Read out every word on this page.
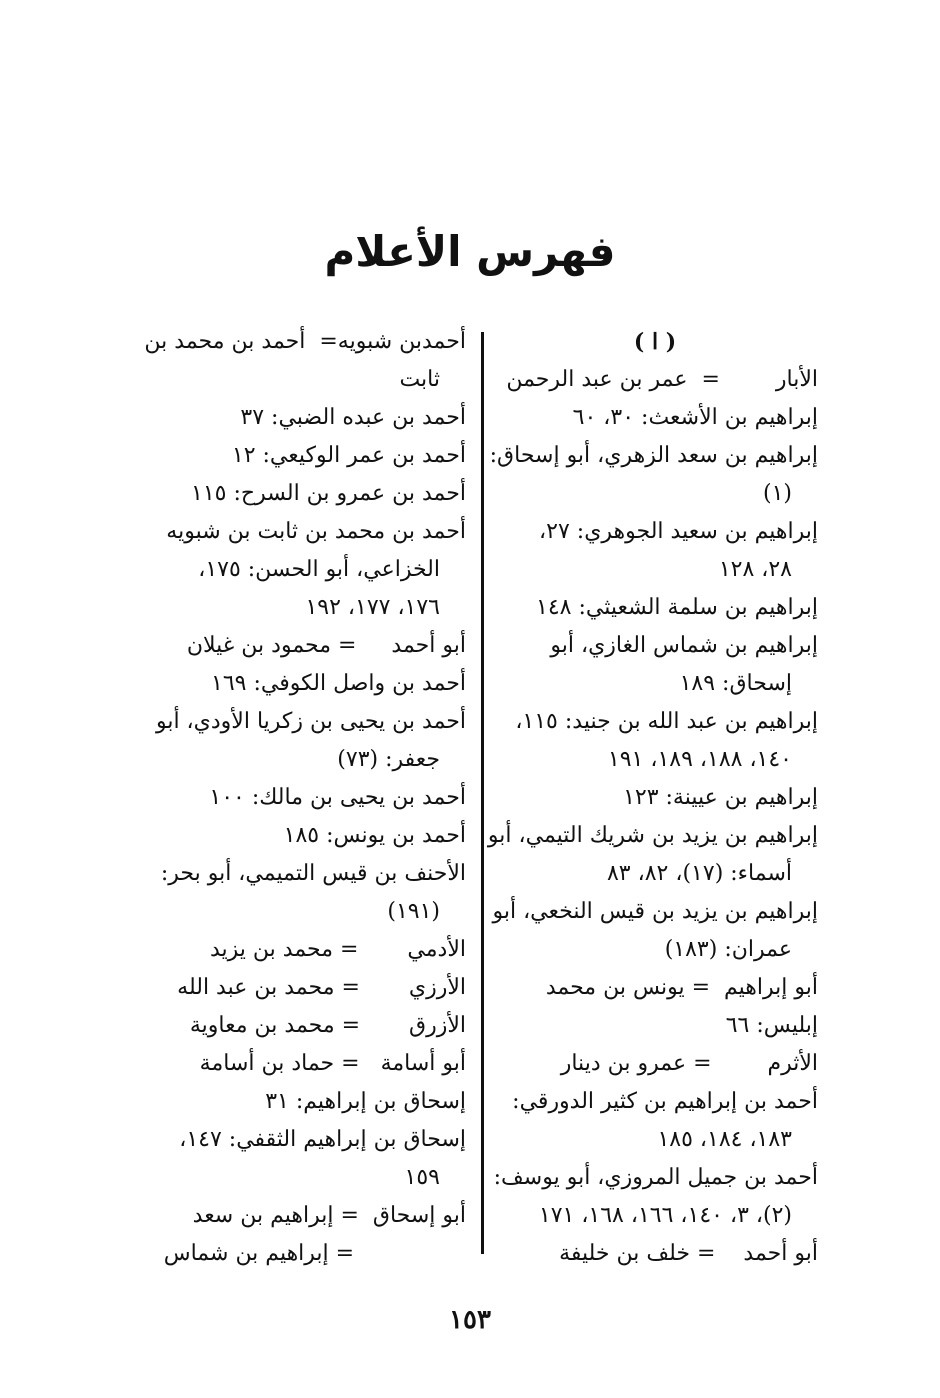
فهرس الأعلام
( ا )
الأبار        =  عمر بن عبد الرحمن
إبراهيم بن الأشعث: ٣٠، ٦٠
إبراهيم بن سعد الزهري، أبو إسحاق:
(١)
إبراهيم بن سعيد الجوهري: ٢٧،
٢٨، ١٢٨
إبراهيم بن سلمة الشعيثي: ١٤٨
إبراهيم بن شماس الغازي، أبو
إسحاق: ١٨٩
إبراهيم بن عبد الله بن جنيد: ١١٥،
١٤٠، ١٨٨، ١٨٩، ١٩١
إبراهيم بن عيينة: ١٢٣
إبراهيم بن يزيد بن شريك التيمي، أبو
أسماء: (١٧)، ٨٢، ٨٣
إبراهيم بن يزيد بن قيس النخعي، أبو
عمران: (١٨٣)
أبو إبراهيم  = يونس بن محمد
إبليس: ٦٦
الأثرم        = عمرو بن دينار
أحمد بن إبراهيم بن كثير الدورقي:
١٨٣، ١٨٤، ١٨٥
أحمد بن جميل المروزي، أبو يوسف:
(٢)، ٣، ١٤٠، ١٦٦، ١٦٨، ١٧١
أبو أحمد    = خلف بن خليفة
أحمدبن شبويه=  أحمد بن محمد بن
ثابت
أحمد بن عبده الضبي: ٣٧
أحمد بن عمر الوكيعي: ١٢
أحمد بن عمرو بن السرح: ١١٥
أحمد بن محمد بن ثابت بن شبويه
الخزاعي، أبو الحسن: ١٧٥،
١٧٦، ١٧٧، ١٩٢
أبو أحمد     = محمود بن غيلان
أحمد بن واصل الكوفي: ١٦٩
أحمد بن يحيى بن زكريا الأودي، أبو
جعفر: (٧٣)
أحمد بن يحيى بن مالك: ١٠٠
أحمد بن يونس: ١٨٥
الأحنف بن قيس التميمي، أبو بحر:
(١٩١)
الأدمي       = محمد بن يزيد
الأرزي       = محمد بن عبد الله
الأزرق       = محمد بن معاوية
أبو أسامة   = حماد بن أسامة
إسحاق بن إبراهيم: ٣١
إسحاق بن إبراهيم الثقفي: ١٤٧،
١٥٩
أبو إسحاق  = إبراهيم بن سعد
= إبراهيم بن شماس
١٥٣
